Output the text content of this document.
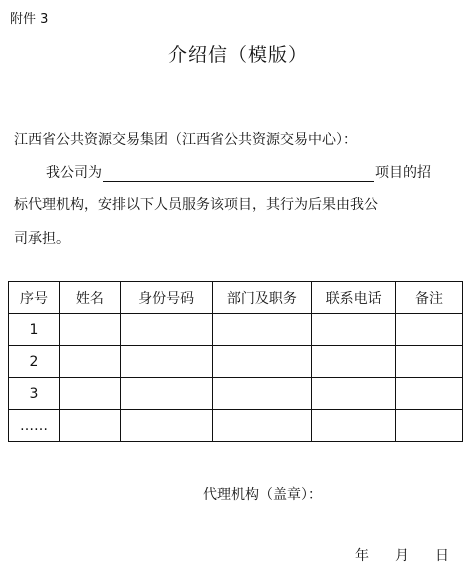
附件 3
介绍信（模版）
江西省公共资源交易集团（江西省公共资源交易中心）：
我公司为	项目的招
标代理机构，安排以下人员服务该项目，其行为后果由我公
司承担。
序号	姓名	身份号码	部门及职务	联系电话	备注
1					
2					
3					
……					
代理机构（盖章）：
年 月 日
